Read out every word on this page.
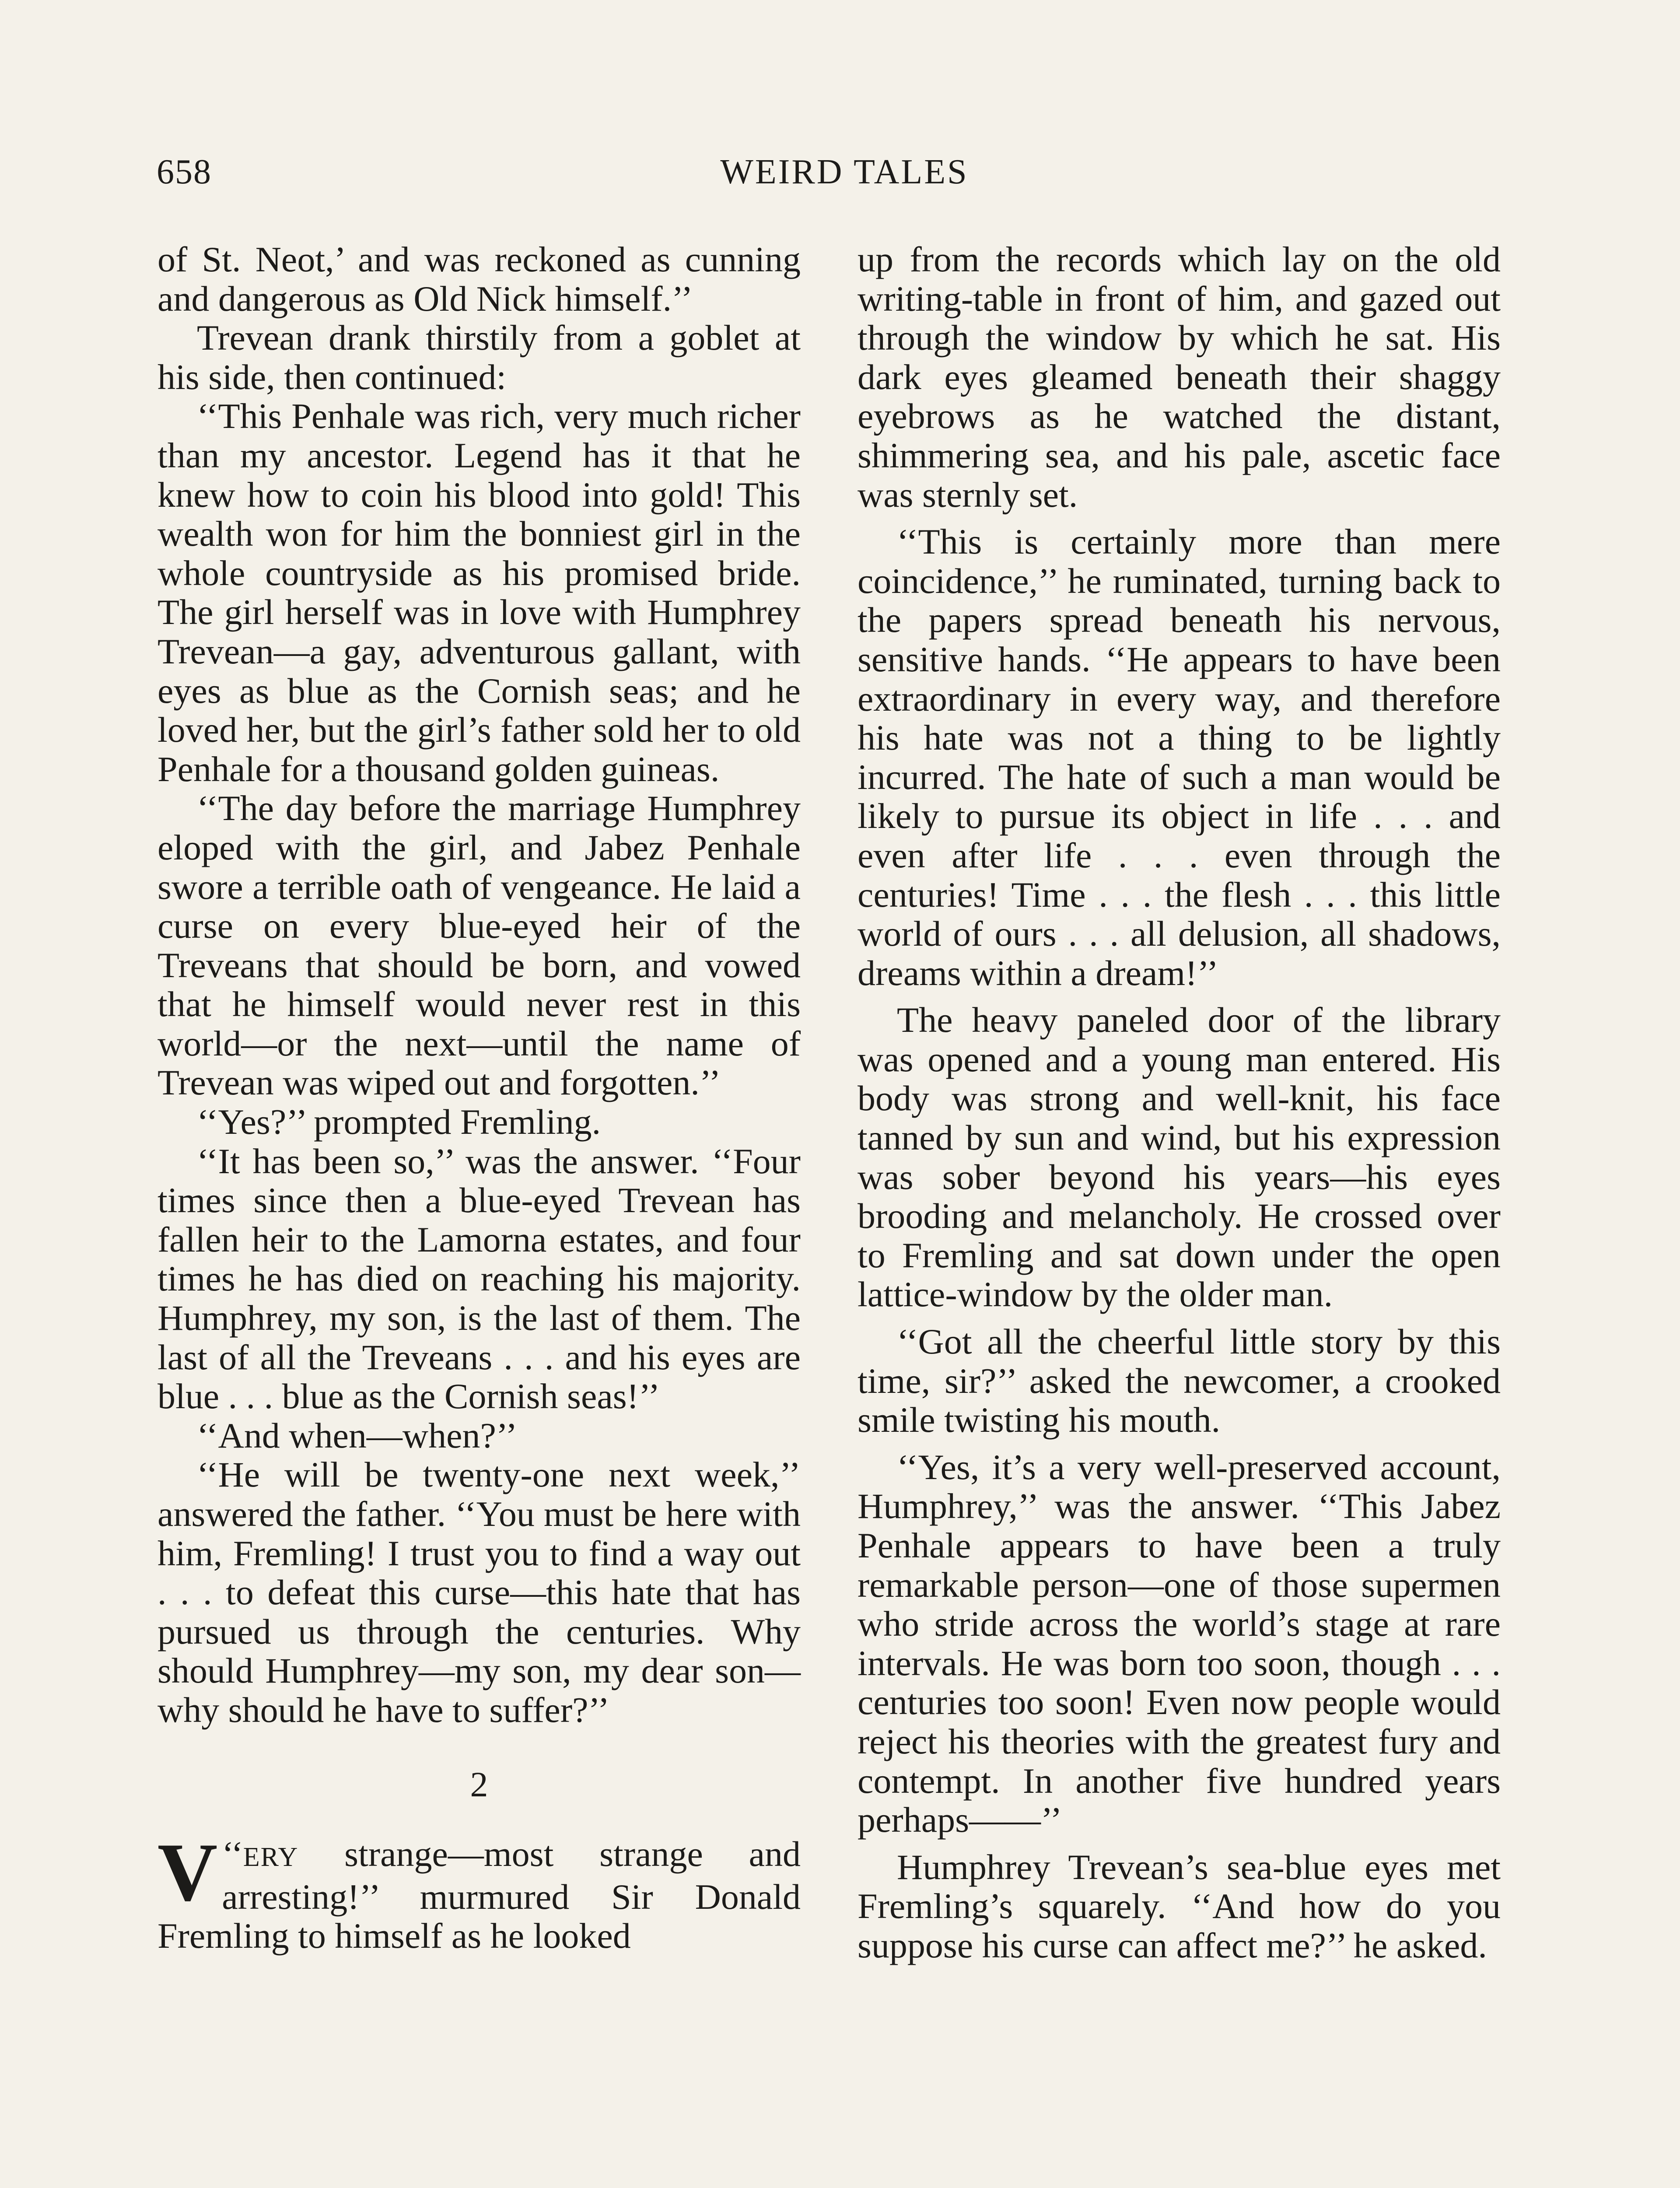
658	WEIRD TALES

of St. Neot,’ and was reckoned as cunning and dangerous as Old Nick himself.’’

Trevean drank thirstily from a goblet at his side, then continued:

‘‘This Penhale was rich, very much richer than my ancestor. Legend has it that he knew how to coin his blood into gold! This wealth won for him the bonniest girl in the whole countryside as his promised bride. The girl herself was in love with Humphrey Trevean—a gay, adventurous gallant, with eyes as blue as the Cornish seas; and he loved her, but the girl’s father sold her to old Penhale for a thousand golden guineas.

‘‘The day before the marriage Humphrey eloped with the girl, and Jabez Penhale swore a terrible oath of vengeance. He laid a curse on every blue-eyed heir of the Treveans that should be born, and vowed that he himself would never rest in this world—or the next—until the name of Trevean was wiped out and forgotten.’’

‘‘Yes?’’ prompted Fremling.

‘‘It has been so,’’ was the answer. ‘‘Four times since then a blue-eyed Trevean has fallen heir to the Lamorna estates, and four times he has died on reaching his majority. Humphrey, my son, is the last of them. The last of all the Treveans . . . and his eyes are blue . . . blue as the Cornish seas!’’

‘‘And when—when?’’

‘‘He will be twenty-one next week,’’ answered the father. ‘‘You must be here with him, Fremling! I trust you to find a way out . . . to defeat this curse—this hate that has pursued us through the centuries. Why should Humphrey—my son, my dear son—why should he have to suffer?’’

2

‘‘
V ERY strange—most strange and arresting!’’ murmured Sir Donald Fremling to himself as he looked

up from the records which lay on the old writing-table in front of him, and gazed out through the window by which he sat. His dark eyes gleamed beneath their shaggy eyebrows as he watched the distant, shimmering sea, and his pale, ascetic face was sternly set.

‘‘This is certainly more than mere coincidence,’’ he ruminated, turning back to the papers spread beneath his nervous, sensitive hands. ‘‘He appears to have been extraordinary in every way, and therefore his hate was not a thing to be lightly incurred. The hate of such a man would be likely to pursue its object in life . . . and even after life . . . even through the centuries! Time . . . the flesh . . . this little world of ours . . . all delusion, all shadows, dreams within a dream!’’

The heavy paneled door of the library was opened and a young man entered. His body was strong and well-knit, his face tanned by sun and wind, but his expression was sober beyond his years—his eyes brooding and melancholy. He crossed over to Fremling and sat down under the open lattice-window by the older man.

‘‘Got all the cheerful little story by this time, sir?’’ asked the newcomer, a crooked smile twisting his mouth.

‘‘Yes, it’s a very well-preserved account, Humphrey,’’ was the answer. ‘‘This Jabez Penhale appears to have been a truly remarkable person—one of those supermen who stride across the world’s stage at rare intervals. He was born too soon, though . . . centuries too soon! Even now people would reject his theories with the greatest fury and contempt. In another five hundred years perhaps——’’

Humphrey Trevean’s sea-blue eyes met Fremling’s squarely. ‘‘And how do you suppose his curse can affect me?’’ he asked.
